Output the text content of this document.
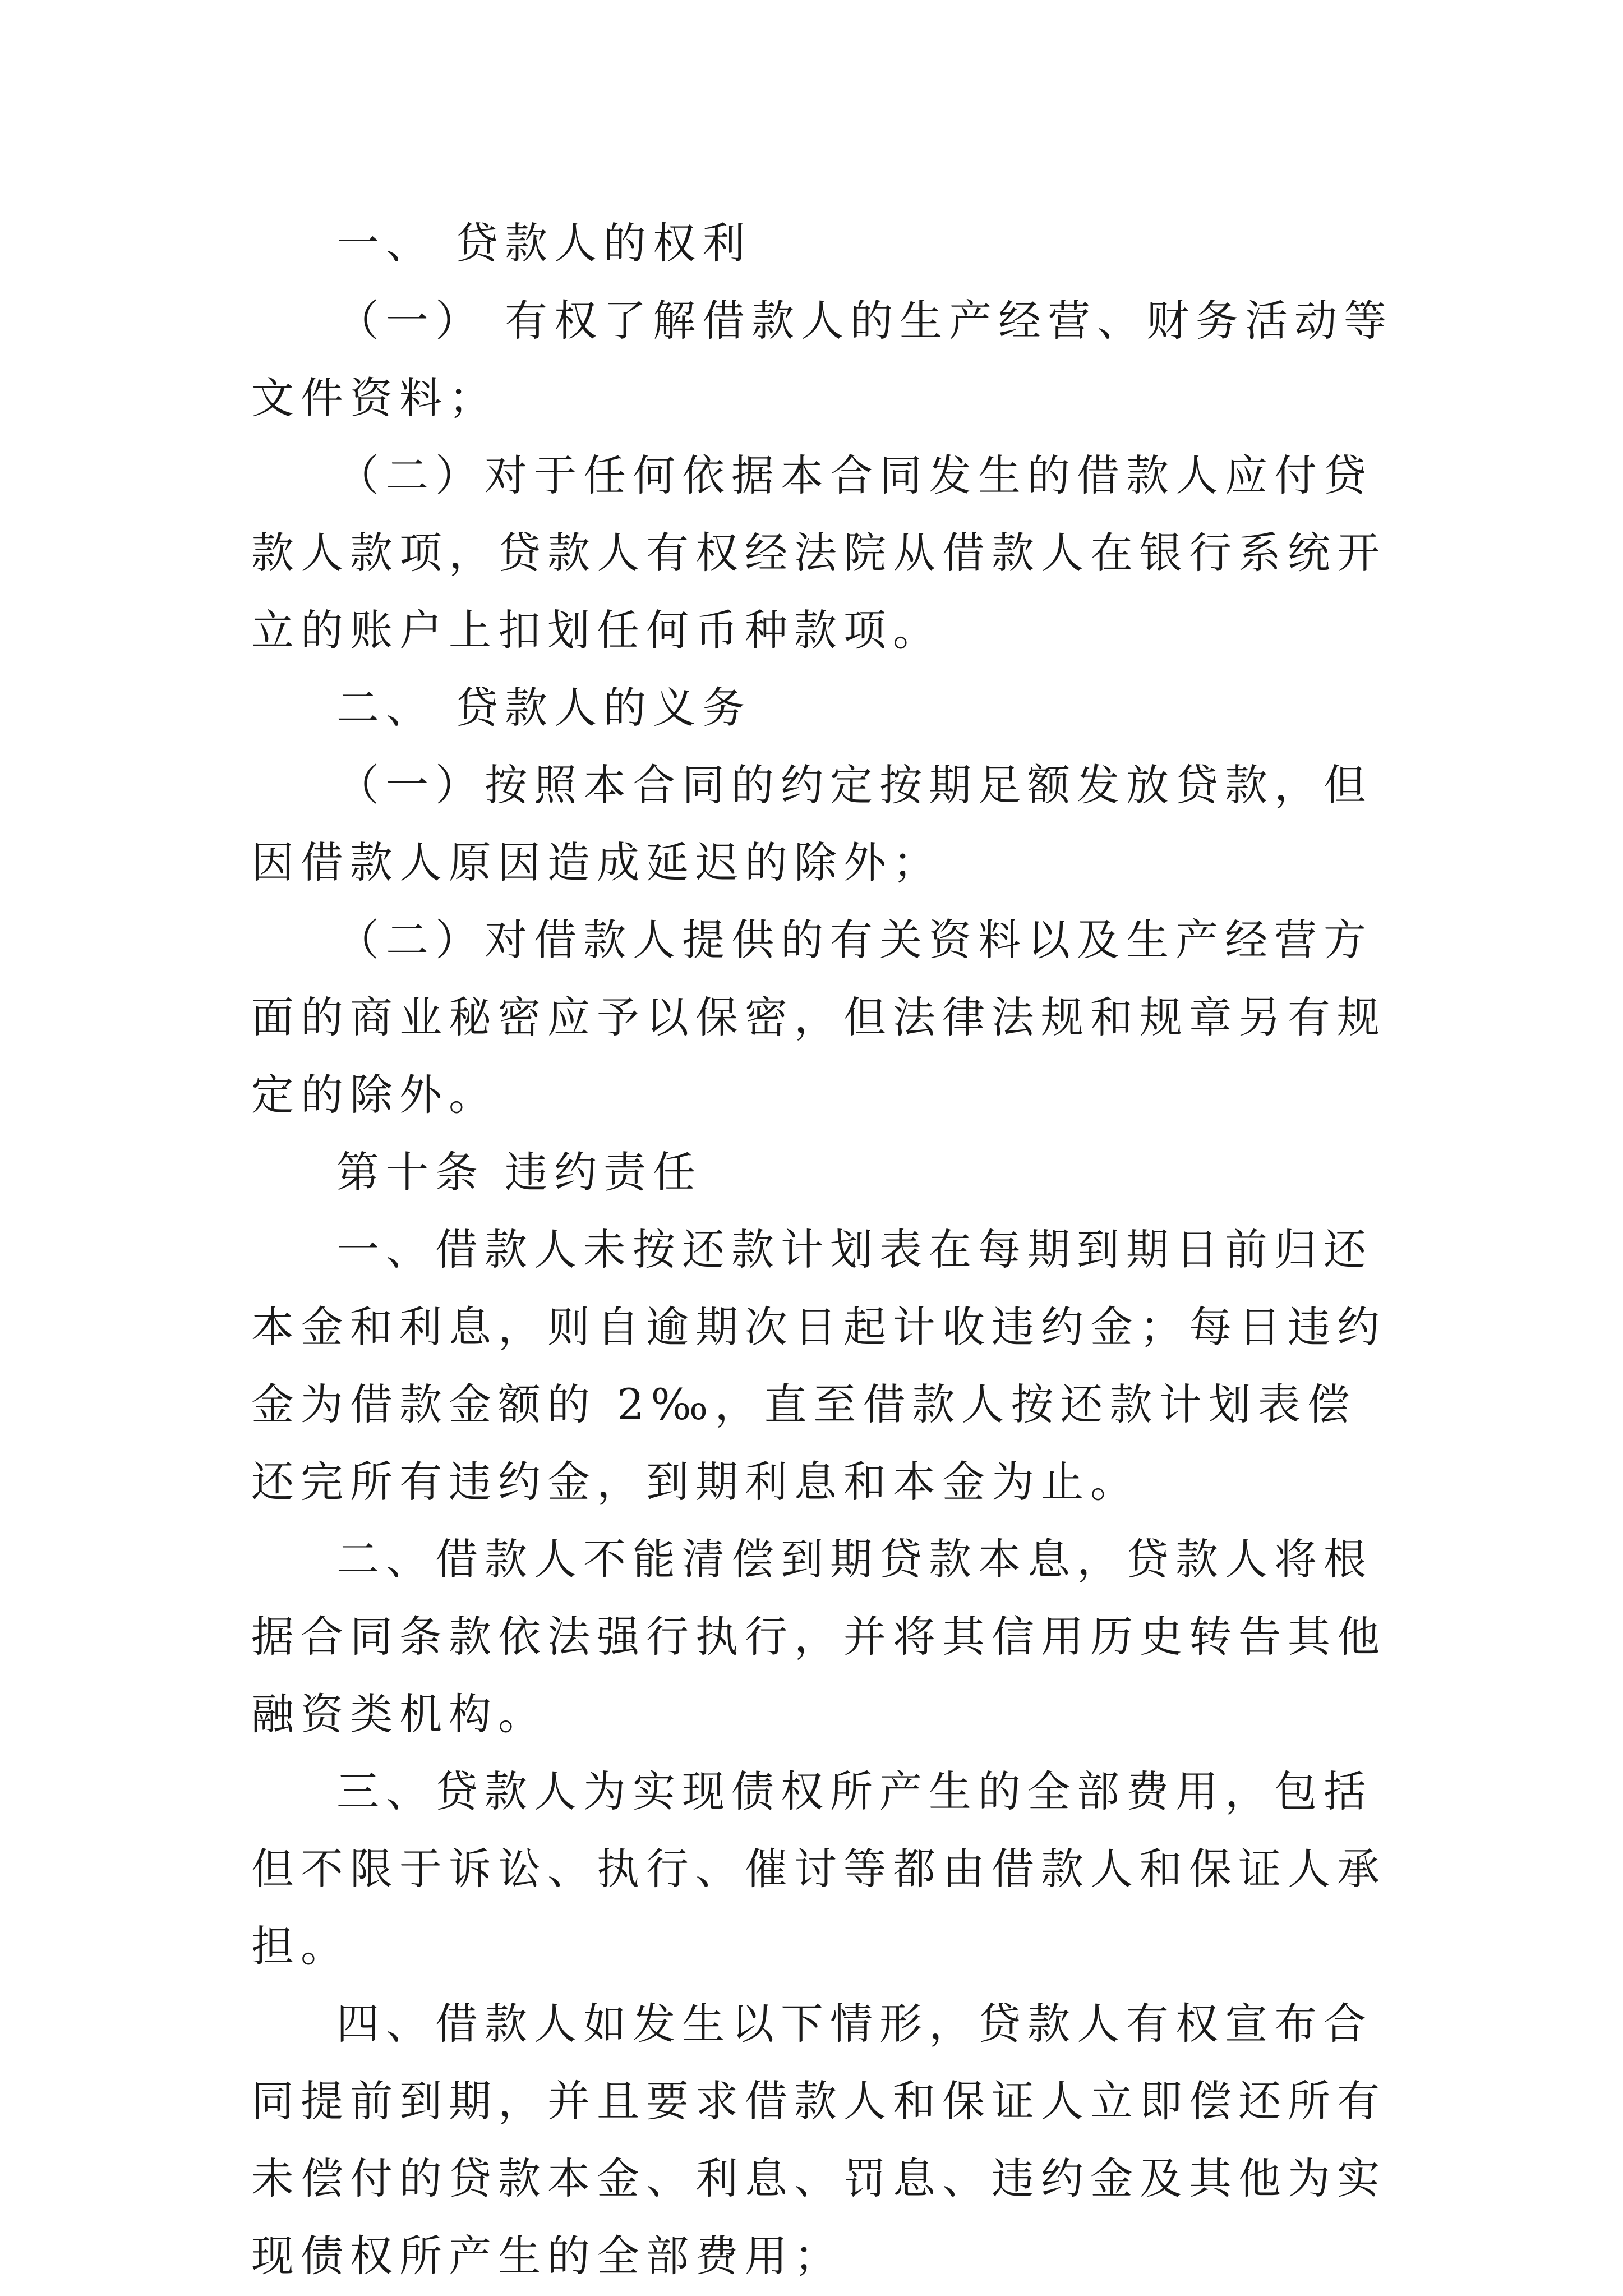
一、 贷款人的权利

（一） 有权了解借款人的生产经营、财务活动等文件资料；

（二）对于任何依据本合同发生的借款人应付贷款人款项，贷款人有权经法院从借款人在银行系统开立的账户上扣划任何币种款项。

二、 贷款人的义务

（一）按照本合同的约定按期足额发放贷款，但因借款人原因造成延迟的除外；

（二）对借款人提供的有关资料以及生产经营方面的商业秘密应予以保密，但法律法规和规章另有规定的除外。

第十条 违约责任

一、借款人未按还款计划表在每期到期日前归还本金和利息，则自逾期次日起计收违约金；每日违约金为借款金额的 2‰，直至借款人按还款计划表偿还完所有违约金，到期利息和本金为止。

二、借款人不能清偿到期贷款本息，贷款人将根据合同条款依法强行执行，并将其信用历史转告其他融资类机构。

三、贷款人为实现债权所产生的全部费用，包括但不限于诉讼、执行、催讨等都由借款人和保证人承担。

四、借款人如发生以下情形，贷款人有权宣布合同提前到期，并且要求借款人和保证人立即偿还所有未偿付的贷款本金、利息、罚息、违约金及其他为实现债权所产生的全部费用；
